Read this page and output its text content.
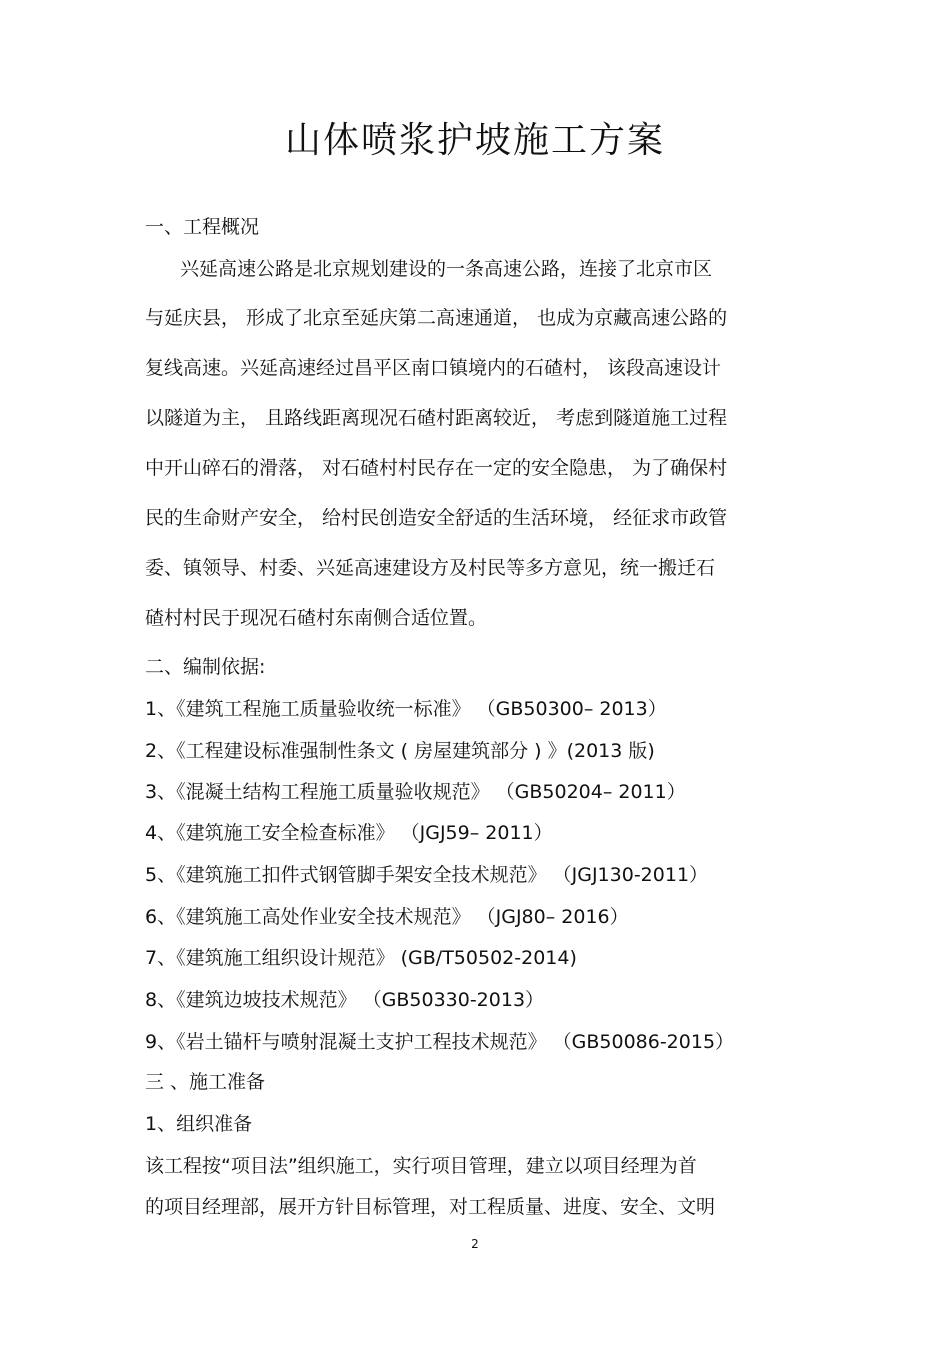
山体喷浆护坡施工方案
一、工程概况
兴延高速公路是北京规划建设的一条高速公路，连接了北京市区
与延庆县， 形成了北京至延庆第二高速通道， 也成为京藏高速公路的
复线高速。兴延高速经过昌平区南口镇境内的石碴村， 该段高速设计
以隧道为主， 且路线距离现况石碴村距离较近， 考虑到隧道施工过程
中开山碎石的滑落， 对石碴村村民存在一定的安全隐患， 为了确保村
民的生命财产安全， 给村民创造安全舒适的生活环境， 经征求市政管
委、镇领导、村委、兴延高速建设方及村民等多方意见，统一搬迁石
碴村村民于现况石碴村东南侧合适位置。
二、编制依据:
1、《建筑工程施工质量验收统一标准》 （GB50300– 2013）
2、《工程建设标准强制性条文 ( 房屋建筑部分 ) 》(2013 版)
3、《混凝土结构工程施工质量验收规范》 （GB50204– 2011）
4、《建筑施工安全检查标准》 （JGJ59– 2011）
5、《建筑施工扣件式钢管脚手架安全技术规范》 （JGJ130-2011）
6、《建筑施工高处作业安全技术规范》 （JGJ80– 2016）
7、《建筑施工组织设计规范》 (GB/T50502-2014)
8、《建筑边坡技术规范》 （GB50330-2013）
9、《岩土锚杆与喷射混凝土支护工程技术规范》 （GB50086-2015）
三 、施工准备
1、组织准备
该工程按“项目法”组织施工，实行项目管理，建立以项目经理为首
的项目经理部，展开方针目标管理，对工程质量、进度、安全、文明
2
